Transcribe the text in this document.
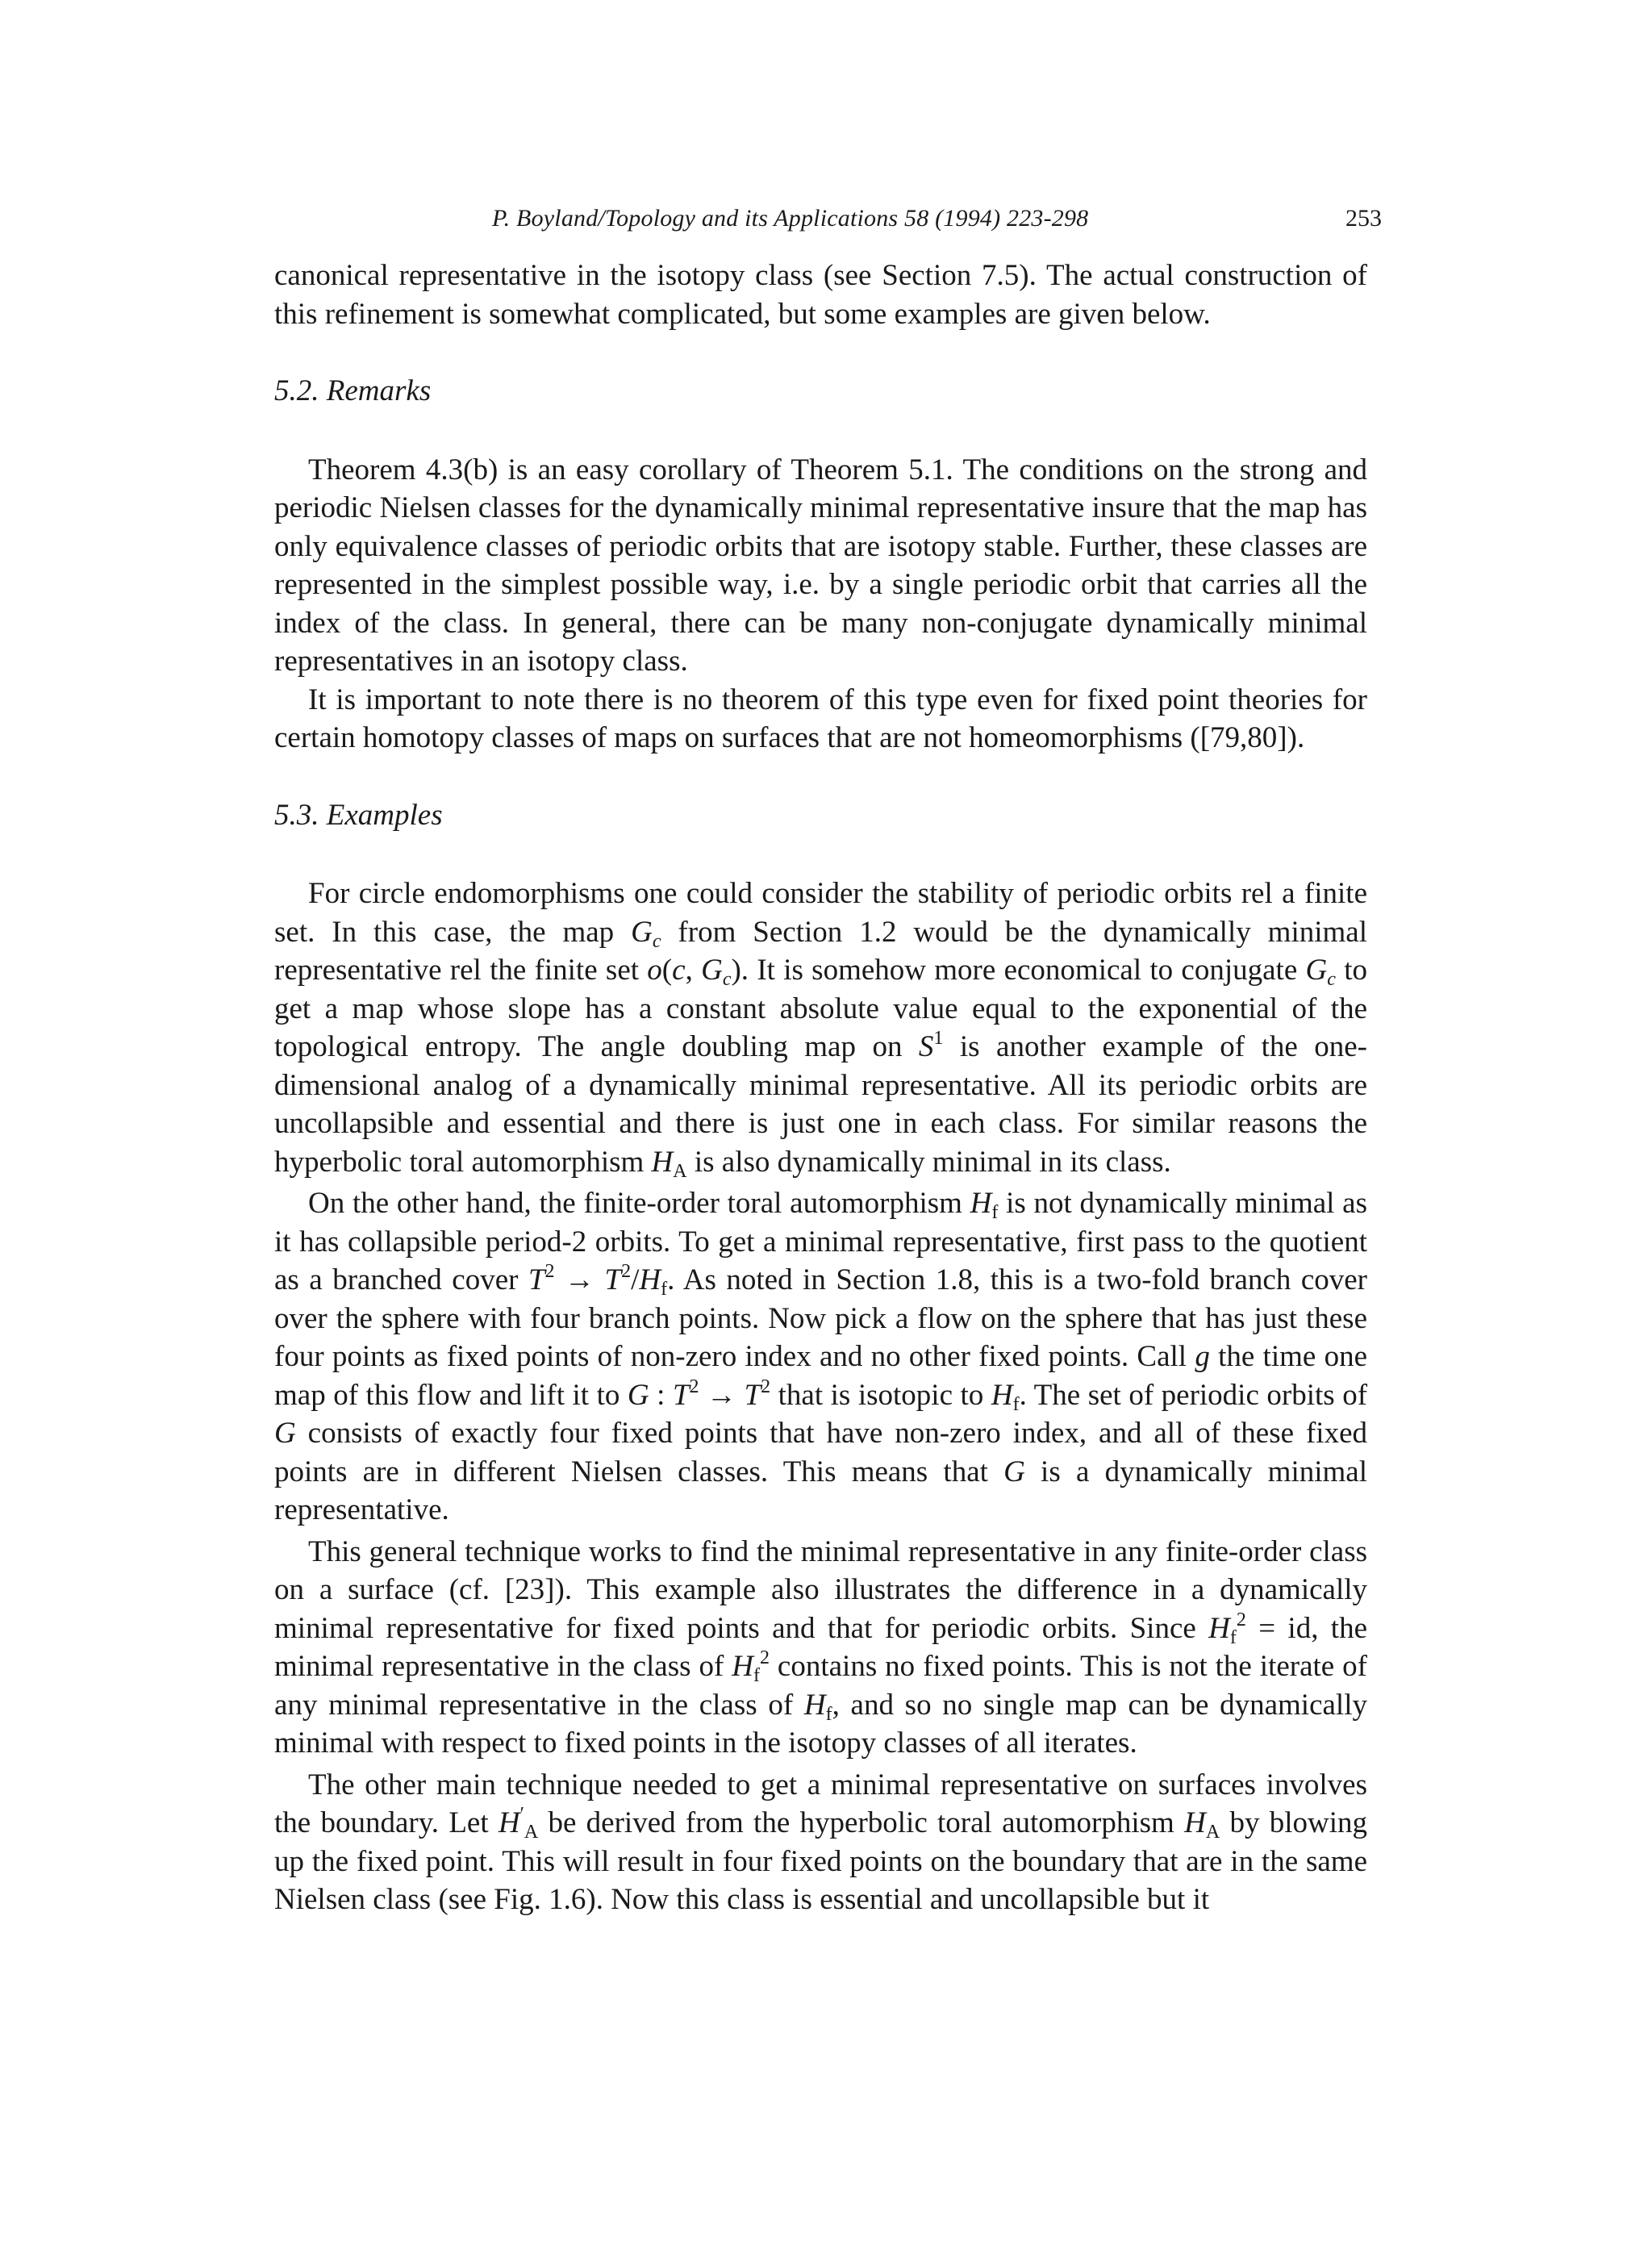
P. Boyland/Topology and its Applications 58 (1994) 223-298	253

canonical representative in the isotopy class (see Section 7.5). The actual construction of this refinement is somewhat complicated, but some examples are given below.

5.2. Remarks

Theorem 4.3(b) is an easy corollary of Theorem 5.1. The conditions on the strong and periodic Nielsen classes for the dynamically minimal representative insure that the map has only equivalence classes of periodic orbits that are isotopy stable. Further, these classes are represented in the simplest possible way, i.e. by a single periodic orbit that carries all the index of the class. In general, there can be many non-conjugate dynamically minimal representatives in an isotopy class.

It is important to note there is no theorem of this type even for fixed point theories for certain homotopy classes of maps on surfaces that are not homeomorphisms ([79,80]).

5.3. Examples

For circle endomorphisms one could consider the stability of periodic orbits rel a finite set. In this case, the map $G_c$ from Section 1.2 would be the dynamically minimal representative rel the finite set o(c, $G_c$). It is somehow more economical to conjugate $G_c$ to get a map whose slope has a constant absolute value equal to the exponential of the topological entropy. The angle doubling map on $S^1$ is another example of the one-dimensional analog of a dynamically minimal representative. All its periodic orbits are uncollapsible and essential and there is just one in each class. For similar reasons the hyperbolic toral automorphism $H_A$ is also dynamically minimal in its class.

On the other hand, the finite-order toral automorphism $H_f$ is not dynamically minimal as it has collapsible period-2 orbits. To get a minimal representative, first pass to the quotient as a branched cover $T^2 \to T^2/H_f$. As noted in Section 1.8, this is a two-fold branch cover over the sphere with four branch points. Now pick a flow on the sphere that has just these four points as fixed points of non-zero index and no other fixed points. Call g the time one map of this flow and lift it to G : $T^2 \to T^2$ that is isotopic to $H_f$. The set of periodic orbits of G consists of exactly four fixed points that have non-zero index, and all of these fixed points are in different Nielsen classes. This means that G is a dynamically minimal representative.

This general technique works to find the minimal representative in any finite-order class on a surface (cf. [23]). This example also illustrates the difference in a dynamically minimal representative for fixed points and that for periodic orbits. Since $H_f^2$ = id, the minimal representative in the class of $H_f^2$ contains no fixed points. This is not the iterate of any minimal representative in the class of $H_f$, and so no single map can be dynamically minimal with respect to fixed points in the isotopy classes of all iterates.

The other main technique needed to get a minimal representative on surfaces involves the boundary. Let $H'_A$ be derived from the hyperbolic toral automorphism $H_A$ by blowing up the fixed point. This will result in four fixed points on the boundary that are in the same Nielsen class (see Fig. 1.6). Now this class is essential and uncollapsible but it
